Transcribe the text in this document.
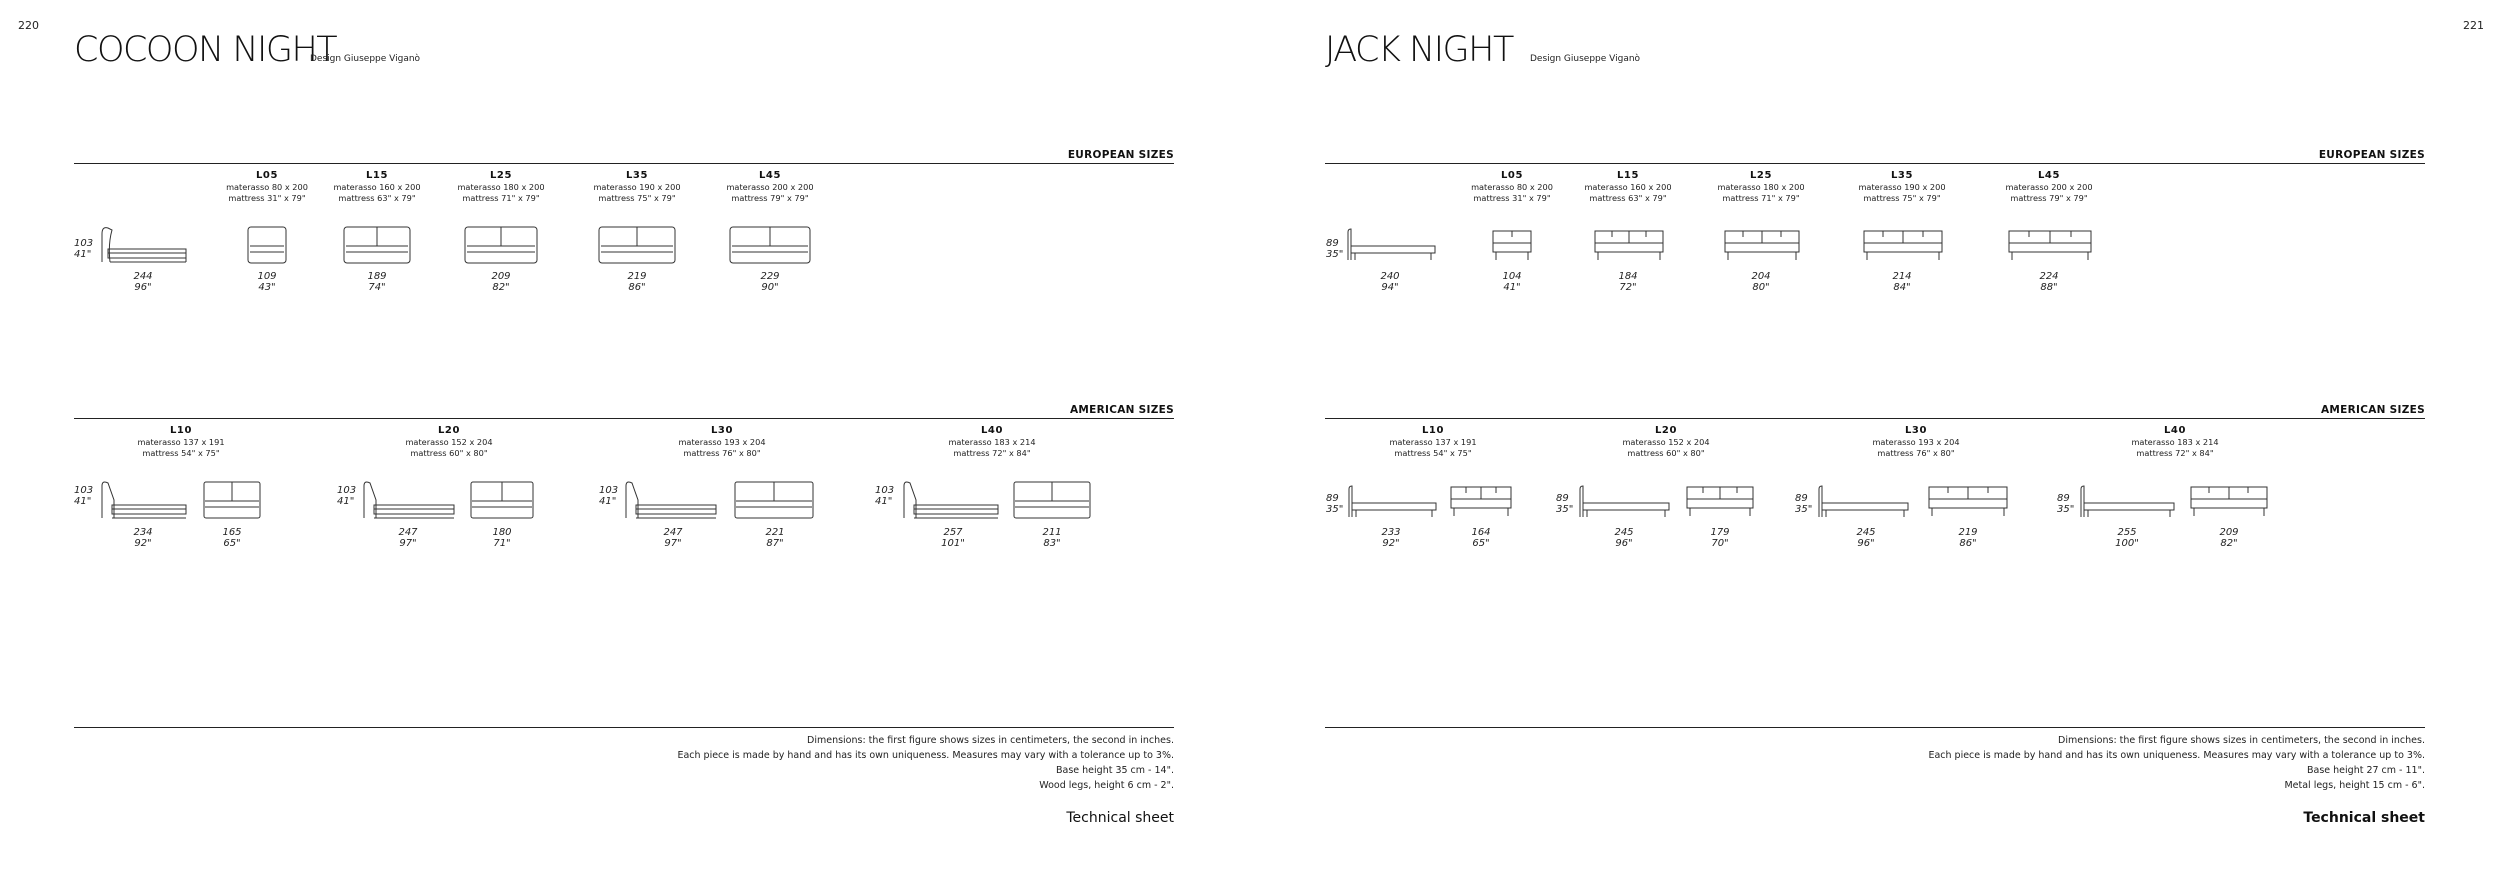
220
COCOON NIGHT
Design Giuseppe Viganò
EUROPEAN SIZES
103
41"
244
96"
L05
materasso 80 x 200
mattress 31" x 79"
109
43"
L15
materasso 160 x 200
mattress 63" x 79"
189
74"
L25
materasso 180 x 200
mattress 71" x 79"
209
82"
L35
materasso 190 x 200
mattress 75" x 79"
219
86"
L45
materasso 200 x 200
mattress 79" x 79"
229
90"
AMERICAN SIZES
L10
materasso 137 x 191
mattress 54" x 75"
103
41"
234
92"
165
65"
L20
materasso 152 x 204
mattress 60" x 80"
103
41"
247
97"
180
71"
L30
materasso 193 x 204
mattress 76" x 80"
103
41"
247
97"
221
87"
L40
materasso 183 x 214
mattress 72" x 84"
103
41"
257
101"
211
83"
Dimensions: the first figure shows sizes in centimeters, the second in inches.
Each piece is made by hand and has its own uniqueness. Measures may vary with a tolerance up to 3%.
Base height 35 cm - 14".
Wood legs, height 6 cm - 2".
Technical sheet
221
JACK NIGHT Design Giuseppe Viganò
EUROPEAN SIZES
89
35"
240
94"
L05
materasso 80 x 200
mattress 31" x 79"
104
41"
L15
materasso 160 x 200
mattress 63" x 79"
184
72"
L25
materasso 180 x 200
mattress 71" x 79"
204
80"
L35
materasso 190 x 200
mattress 75" x 79"
214
84"
L45
materasso 200 x 200
mattress 79" x 79"
224
88"
AMERICAN SIZES
L10
materasso 137 x 191
mattress 54" x 75"
89
35"
233
92"
164
65"
L20
materasso 152 x 204
mattress 60" x 80"
89
35"
245
96"
179
70"
L30
materasso 193 x 204
mattress 76" x 80"
89
35"
245
96"
219
86"
L40
materasso 183 x 214
mattress 72" x 84"
89
35"
255
100"
209
82"
Dimensions: the first figure shows sizes in centimeters, the second in inches.
Each piece is made by hand and has its own uniqueness. Measures may vary with a tolerance up to 3%.
Base height 27 cm - 11".
Metal legs, height 15 cm - 6".
Technical sheet
